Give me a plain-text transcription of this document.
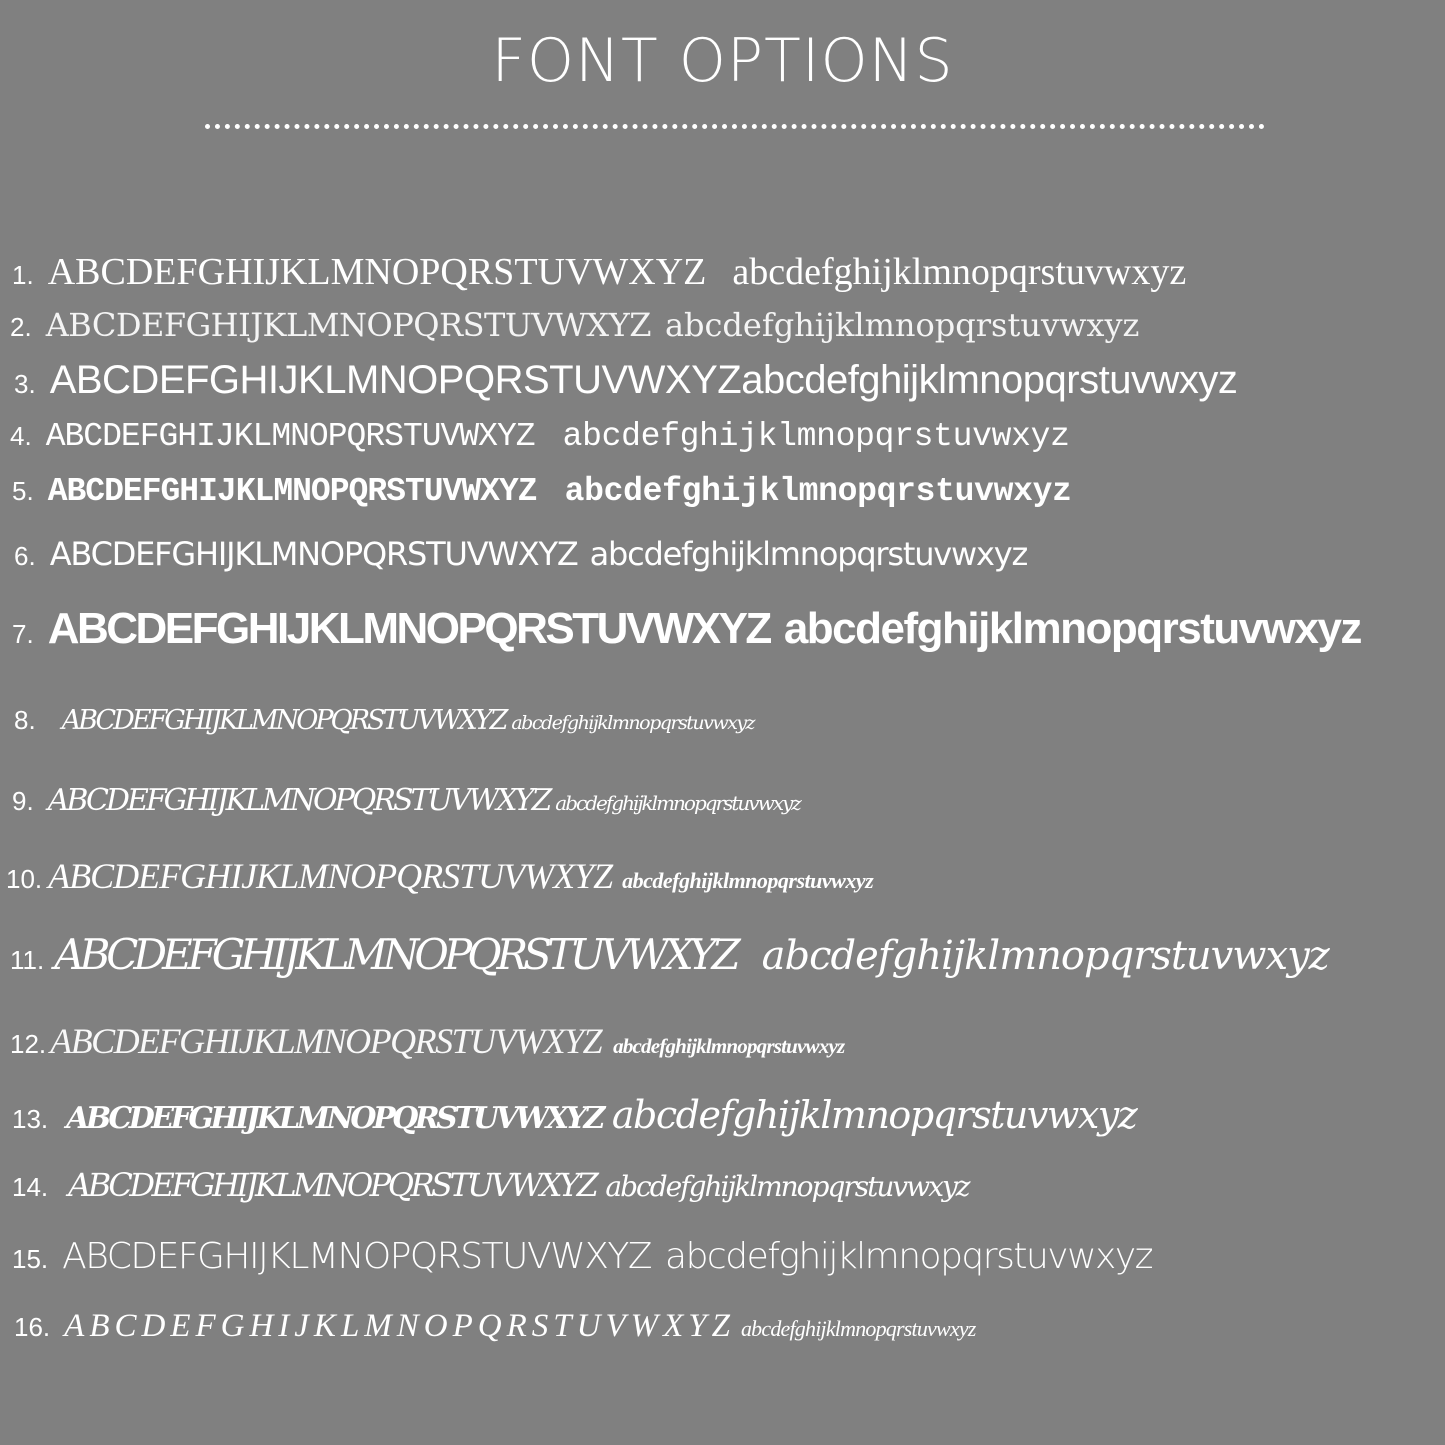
FONT OPTIONS
1. ABCDEFGHIJKLMNOPQRSTUVWXYZ abcdefghijklmnopqrstuvwxyz
2. ABCDEFGHIJKLMNOPQRSTUVWXYZ abcdefghijklmnopqrstuvwxyz
3. ABCDEFGHIJKLMNOPQRSTUVWXYZ abcdefghijklmnopqrstuvwxyz
4. ABCDEFGHIJKLMNOPQRSTUVWXYZ abcdefghijklmnopqrstuvwxyz
5. ABCDEFGHIJKLMNOPQRSTUVWXYZ abcdefghijklmnopqrstuvwxyz
6. ABCDEFGHIJKLMNOPQRSTUVWXYZ abcdefghijklmnopqrstuvwxyz
7. ABCDEFGHIJKLMNOPQRSTUVWXYZ abcdefghijklmnopqrstuvwxyz
8. ABCDEFGHIJKLMNOPQRSTUVWXYZ abcdefghijklmnopqrstuvwxyz
9. ABCDEFGHIJKLMNOPQRSTUVWXYZ abcdefghijklmnopqrstuvwxyz
10. ABCDEFGHIJKLMNOPQRSTUVWXYZ abcdefghijklmnopqrstuvwxyz
11. ABCDEFGHIJKLMNOPQRSTUVWXYZ abcdefghijklmnopqrstuvwxyz
12. ABCDEFGHIJKLMNOPQRSTUVWXYZ abcdefghijklmnopqrstuvwxyz
13. ABCDEFGHIJKLMNOPQRSTUVWXYZ abcdefghijklmnopqrstuvwxyz
14. ABCDEFGHIJKLMNOPQRSTUVWXYZ abcdefghijklmnopqrstuvwxyz
15. ABCDEFGHIJKLMNOPQRSTUVWXYZ abcdefghijklmnopqrstuvwxyz
16. ABCDEFGHIJKLMNOPQRSTUVWXYZ abcdefghijklmnopqrstuvwxyz
